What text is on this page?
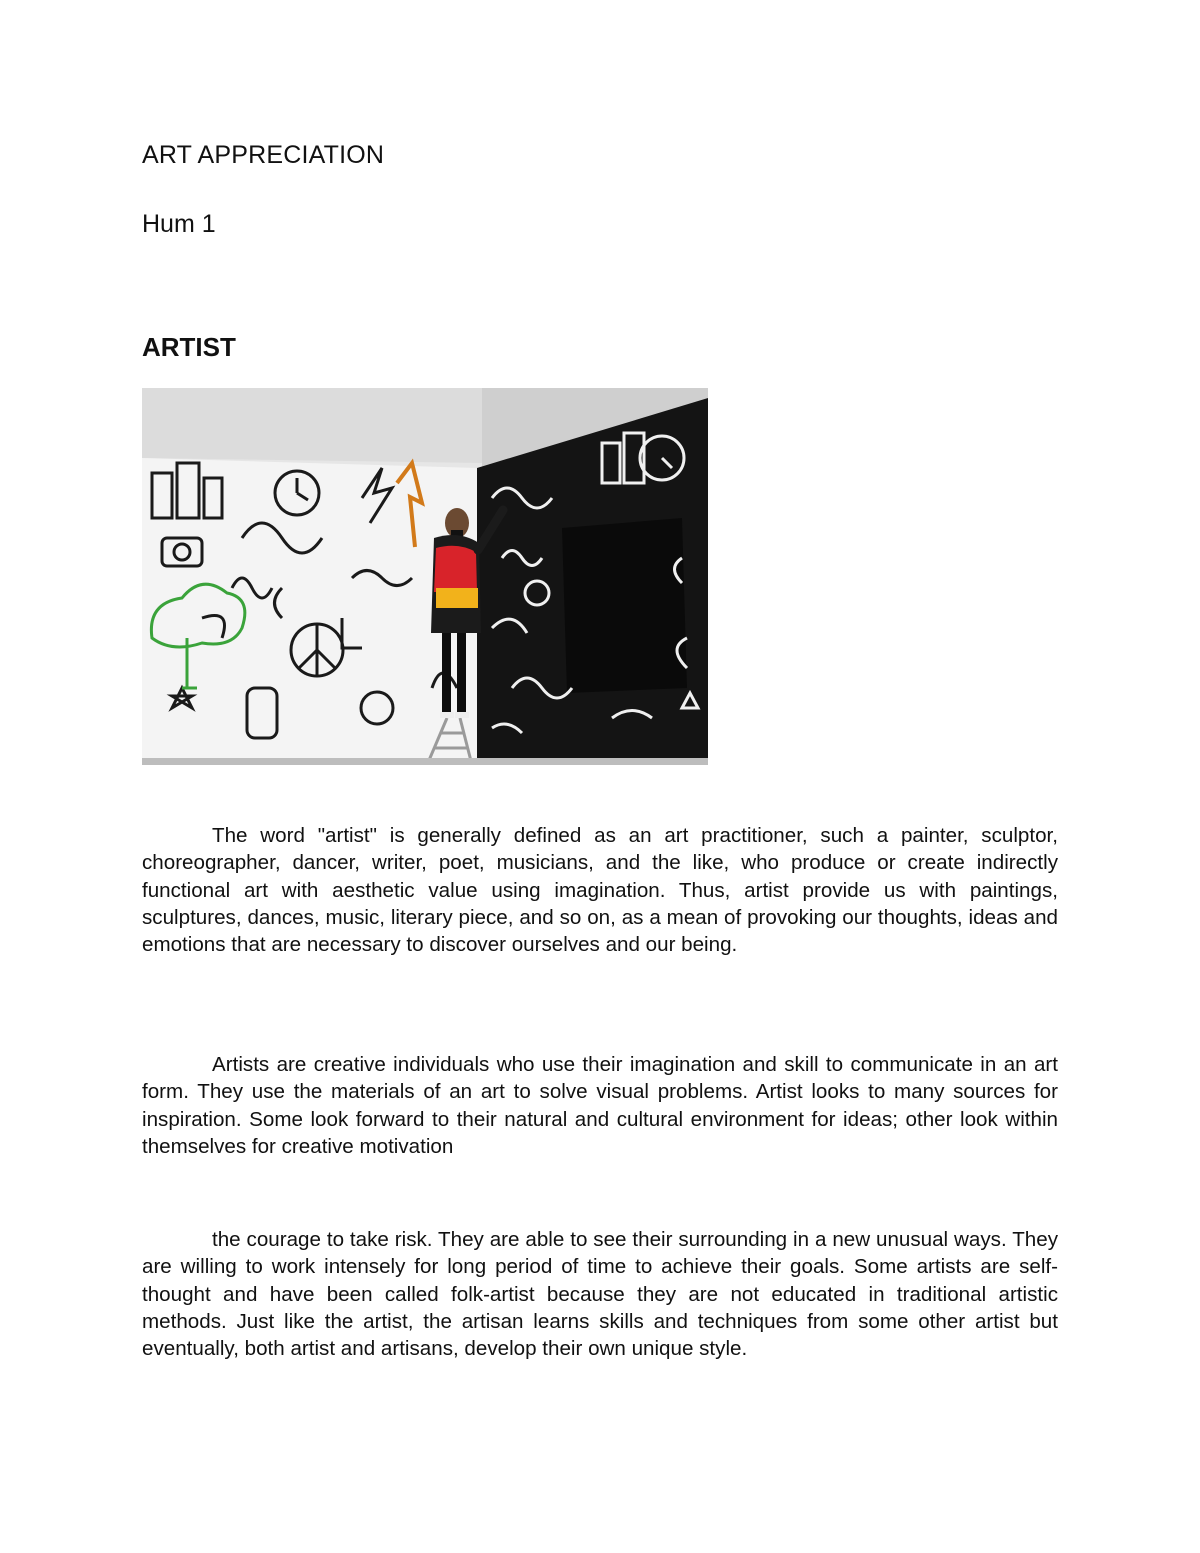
ART APPRECIATION
Hum 1
ARTIST

The word "artist" is generally defined as an art practitioner, such a painter, sculptor, choreographer, dancer, writer, poet, musicians, and the like, who produce or create indirectly functional art with aesthetic value using imagination. Thus, artist provide us with paintings, sculptures, dances, music, literary piece, and so on, as a mean of provoking our thoughts, ideas and emotions that are necessary to discover ourselves and our being.

Artists are creative individuals who use their imagination and skill to communicate in an art form. They use the materials of an art to solve visual problems. Artist looks to many sources for inspiration. Some look forward to their natural and cultural environment for ideas; other look within themselves for creative motivation

the courage to take risk. They are able to see their surrounding in a new unusual ways. They are willing to work intensely for long period of time to achieve their goals. Some artists are self-thought and have been called folk-artist because they are not educated in traditional artistic methods. Just like the artist, the artisan learns skills and techniques from some other artist but eventually, both artist and artisans, develop their own unique style.
